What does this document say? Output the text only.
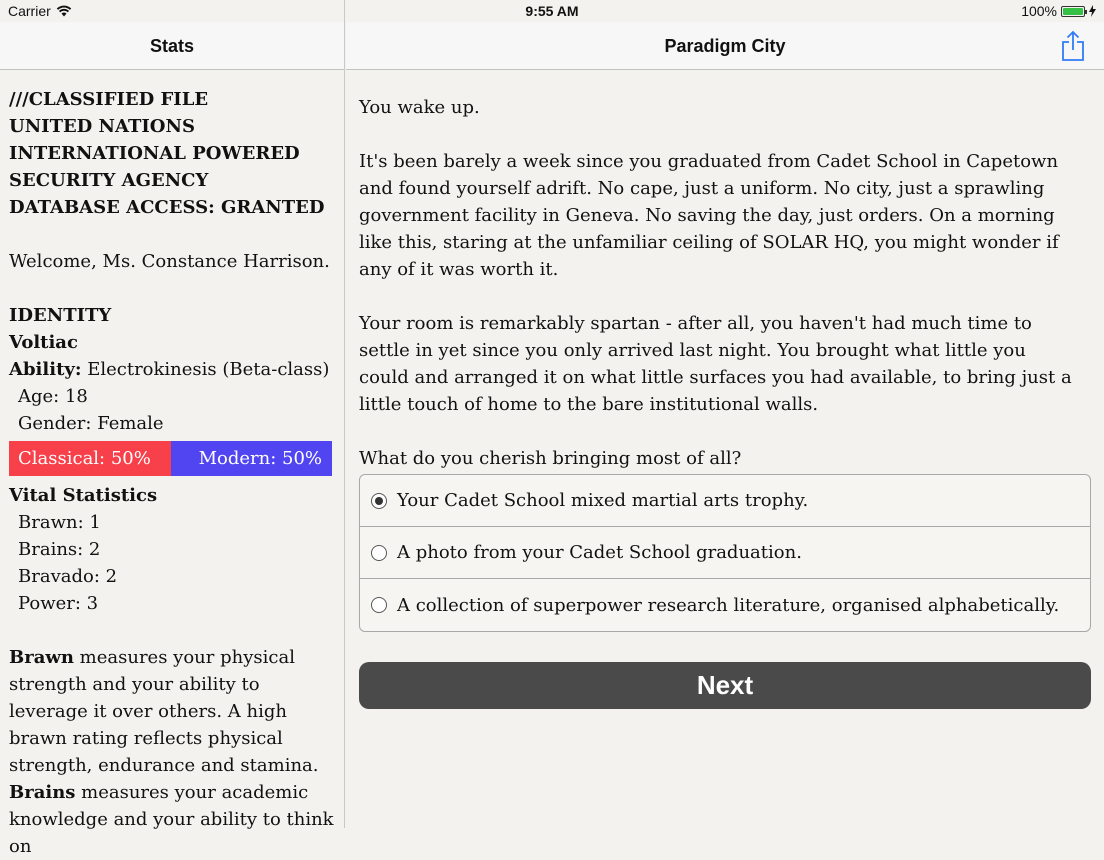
Carrier	9:55 AM	100%
Stats
///CLASSIFIED FILE
UNITED NATIONS
INTERNATIONAL POWERED
SECURITY AGENCY
DATABASE ACCESS: GRANTED
Welcome, Ms. Constance Harrison.
IDENTITY
Voltiac
Ability: Electrokinesis (Beta-class)
Age: 18
Gender: Female
Classical: 50%	Modern: 50%
Vital Statistics
Brawn: 1
Brains: 2
Bravado: 2
Power: 3
Brawn measures your physical strength and your ability to leverage it over others. A high brawn rating reflects physical strength, endurance and stamina.
Brains measures your academic knowledge and your ability to think on
Paradigm City

You wake up.

It's been barely a week since you graduated from Cadet School in Capetown and found yourself adrift. No cape, just a uniform. No city, just a sprawling government facility in Geneva. No saving the day, just orders. On a morning like this, staring at the unfamiliar ceiling of SOLAR HQ, you might wonder if any of it was worth it.

Your room is remarkably spartan - after all, you haven't had much time to settle in yet since you only arrived last night. You brought what little you could and arranged it on what little surfaces you had available, to bring just a little touch of home to the bare institutional walls.

What do you cherish bringing most of all?

Your Cadet School mixed martial arts trophy.
A photo from your Cadet School graduation.
A collection of superpower research literature, organised alphabetically.
Next
